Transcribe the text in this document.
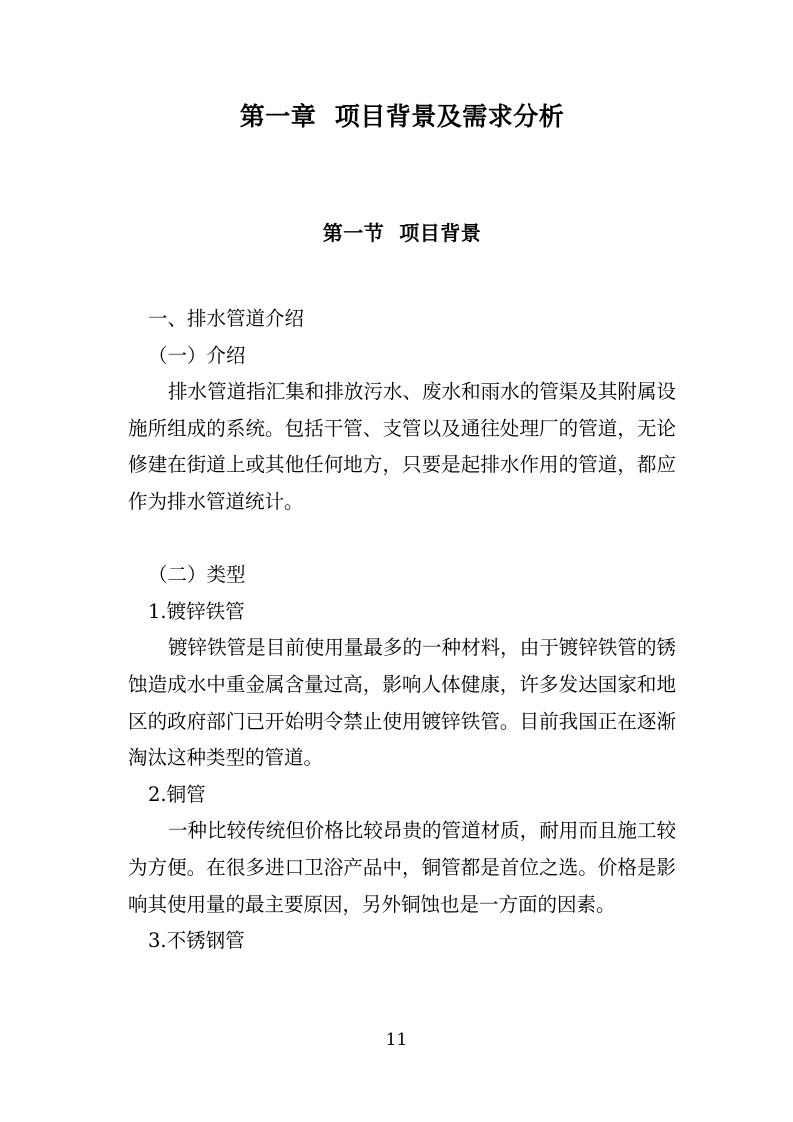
第一章  项目背景及需求分析
第一节  项目背景

一、排水管道介绍

（一）介绍

排水管道指汇集和排放污水、废水和雨水的管渠及其附属设施所组成的系统。包括干管、支管以及通往处理厂的管道，无论修建在街道上或其他任何地方，只要是起排水作用的管道，都应作为排水管道统计。

（二）类型

1.镀锌铁管

镀锌铁管是目前使用量最多的一种材料，由于镀锌铁管的锈蚀造成水中重金属含量过高，影响人体健康，许多发达国家和地区的政府部门已开始明令禁止使用镀锌铁管。目前我国正在逐渐淘汰这种类型的管道。

2.铜管

一种比较传统但价格比较昂贵的管道材质，耐用而且施工较为方便。在很多进口卫浴产品中，铜管都是首位之选。价格是影响其使用量的最主要原因，另外铜蚀也是一方面的因素。

3.不锈钢管

11
